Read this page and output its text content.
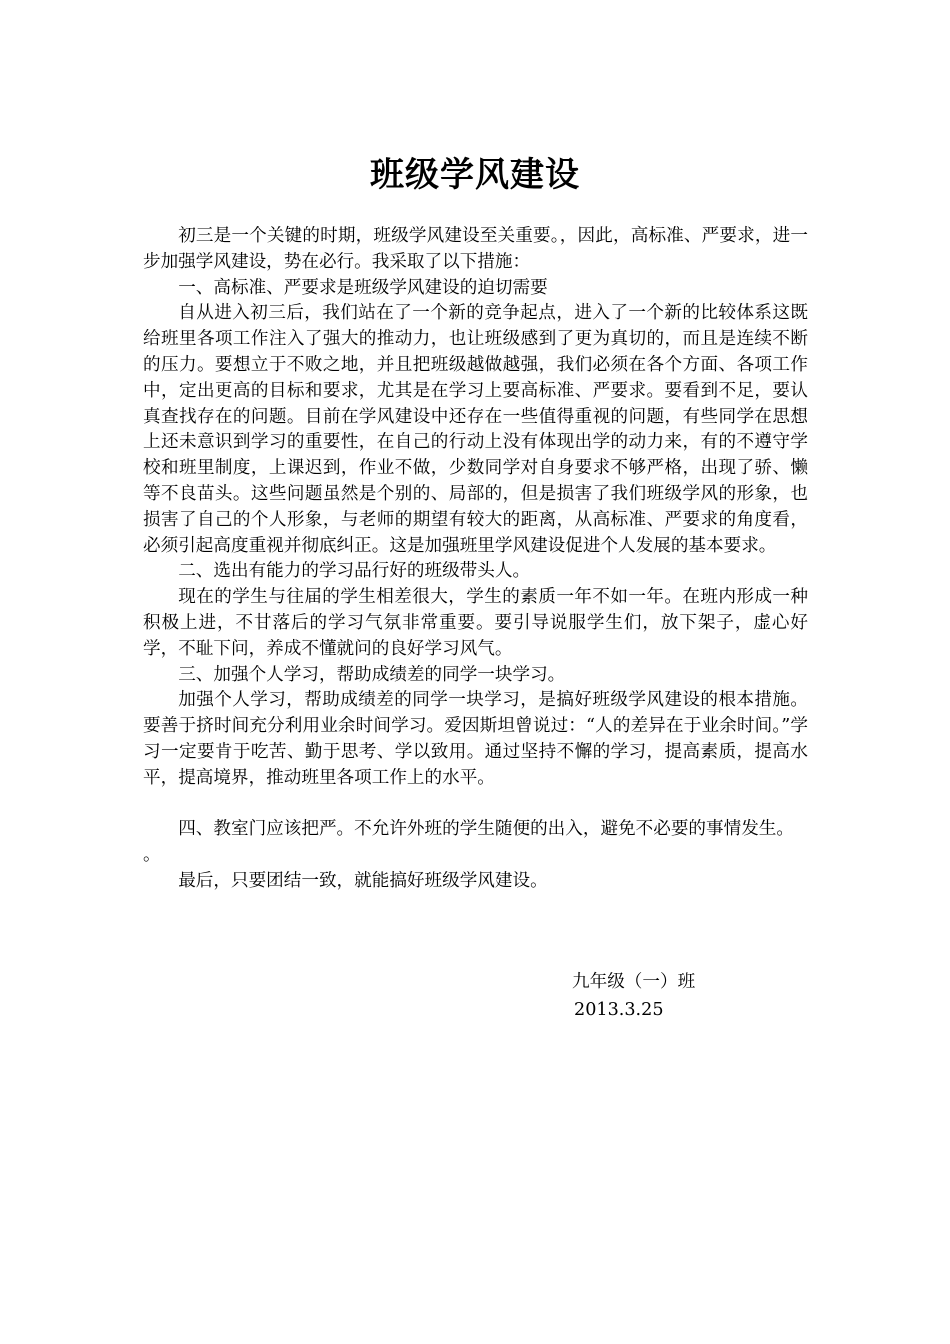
班级学风建设

初三是一个关键的时期，班级学风建设至关重要。，因此，高标准、严要求，进一步加强学风建设，势在必行。我采取了以下措施：

一、高标准、严要求是班级学风建设的迫切需要

自从进入初三后，我们站在了一个新的竞争起点，进入了一个新的比较体系这既给班里各项工作注入了强大的推动力，也让班级感到了更为真切的，而且是连续不断的压力。要想立于不败之地，并且把班级越做越强，我们必须在各个方面、各项工作中，定出更高的目标和要求，尤其是在学习上要高标准、严要求。要看到不足，要认真查找存在的问题。目前在学风建设中还存在一些值得重视的问题，有些同学在思想上还未意识到学习的重要性，在自己的行动上没有体现出学的动力来，有的不遵守学校和班里制度，上课迟到，作业不做，少数同学对自身要求不够严格，出现了骄、懒等不良苗头。这些问题虽然是个别的、局部的，但是损害了我们班级学风的形象，也损害了自己的个人形象，与老师的期望有较大的距离，从高标准、严要求的角度看，必须引起高度重视并彻底纠正。这是加强班里学风建设促进个人发展的基本要求。

二、选出有能力的学习品行好的班级带头人。

现在的学生与往届的学生相差很大，学生的素质一年不如一年。在班内形成一种积极上进，不甘落后的学习气氛非常重要。要引导说服学生们，放下架子，虚心好学，不耻下问，养成不懂就问的良好学习风气。

三、加强个人学习，帮助成绩差的同学一块学习。

加强个人学习，帮助成绩差的同学一块学习，是搞好班级学风建设的根本措施。要善于挤时间充分利用业余时间学习。爱因斯坦曾说过：“人的差异在于业余时间。”学习一定要肯于吃苦、勤于思考、学以致用。通过坚持不懈的学习，提高素质，提高水平，提高境界，推动班里各项工作上的水平。

四、教室门应该把严。不允许外班的学生随便的出入，避免不必要的事情发生。

。

最后，只要团结一致，就能搞好班级学风建设。

九年级（一）班
2013.3.25
